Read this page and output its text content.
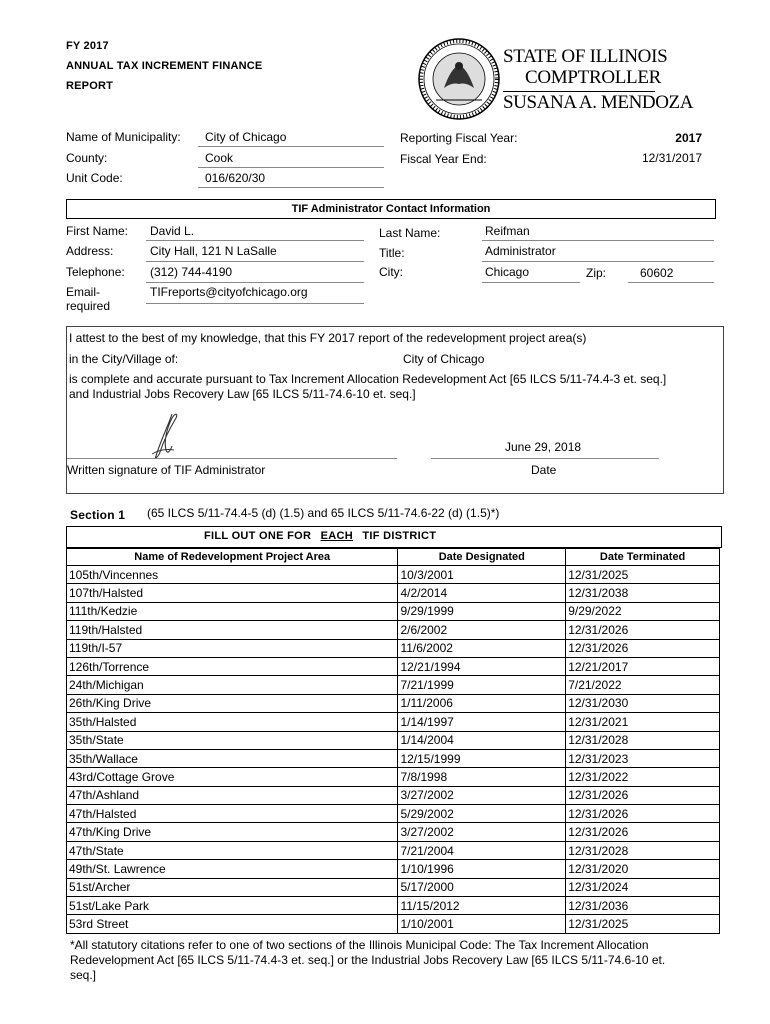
FY 2017
ANNUAL TAX INCREMENT FINANCE
REPORT
STATE OF ILLINOIS
COMPTROLLER
SUSANA A. MENDOZA
Name of Municipality: City of Chicago
County:	Cook
Unit Code:	016/620/30
Reporting Fiscal Year:	2017
Fiscal Year End:	12/31/2017
TIF Administrator Contact Information
First Name: David L.	Last Name:	Reifman
Address:	City Hall, 121 N LaSalle	Title:	Administrator
Telephone: (312) 744-4190	City:	Chicago	Zip:	60602
Email-
required
TIFreports@cityofchicago.org
I attest to the best of my knowledge, that this FY 2017 report of the redevelopment project area(s)
in the City/Village of:	City of Chicago
is complete and accurate pursuant to Tax Increment Allocation Redevelopment Act [65 ILCS 5/11-74.4-3 et. seq.]
and Industrial Jobs Recovery Law [65 ILCS 5/11-74.6-10 et. seq.]
June 29, 2018
Written signature of TIF Administrator	Date
Section 1 (65 ILCS 5/11-74.4-5 (d) (1.5) and 65 ILCS 5/11-74.6-22 (d) (1.5)*)
FILL OUT ONE FOR EACH TIF DISTRICT
Name of Redevelopment Project Area	Date Designated	Date Terminated
105th/Vincennes	10/3/2001	12/31/2025
107th/Halsted	4/2/2014	12/31/2038
111th/Kedzie	9/29/1999	9/29/2022
119th/Halsted	2/6/2002	12/31/2026
119th/I-57	11/6/2002	12/31/2026
126th/Torrence	12/21/1994	12/21/2017
24th/Michigan	7/21/1999	7/21/2022
26th/King Drive	1/11/2006	12/31/2030
35th/Halsted	1/14/1997	12/31/2021
35th/State	1/14/2004	12/31/2028
35th/Wallace	12/15/1999	12/31/2023
43rd/Cottage Grove	7/8/1998	12/31/2022
47th/Ashland	3/27/2002	12/31/2026
47th/Halsted	5/29/2002	12/31/2026
47th/King Drive	3/27/2002	12/31/2026
47th/State	7/21/2004	12/31/2028
49th/St. Lawrence	1/10/1996	12/31/2020
51st/Archer	5/17/2000	12/31/2024
51st/Lake Park	11/15/2012	12/31/2036
53rd Street	1/10/2001	12/31/2025
*All statutory citations refer to one of two sections of the Illinois Municipal Code: The Tax Increment Allocation
Redevelopment Act [65 ILCS 5/11-74.4-3 et. seq.] or the Industrial Jobs Recovery Law [65 ILCS 5/11-74.6-10 et.
seq.]
